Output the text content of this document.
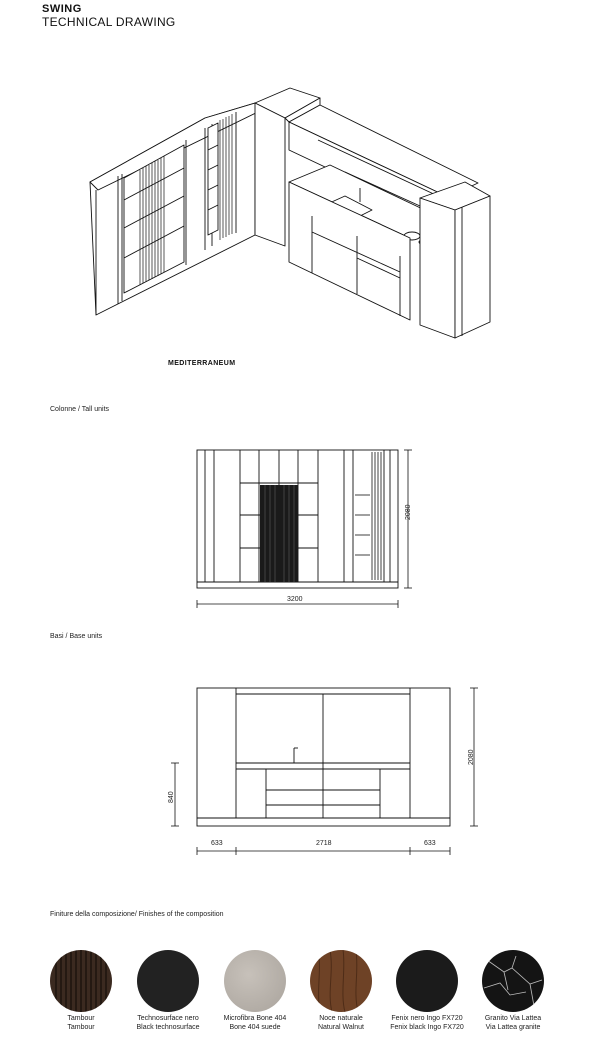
SWING
TECHNICAL DRAWING
MEDITERRANEUM
Colonne / Tall units
3200
2080
Basi / Base units
2080
840
633	2718	633
Finiture della composizione/ Finishes of the composition
Tambour
Tambour
Technosurface nero
Black technosurface
Microfibra Bone 404
Bone 404 suede
Noce naturale
Natural Walnut
Fenix nero Ingo FX720
Fenix black Ingo FX720
Granito Via Lattea
Via Lattea granite
